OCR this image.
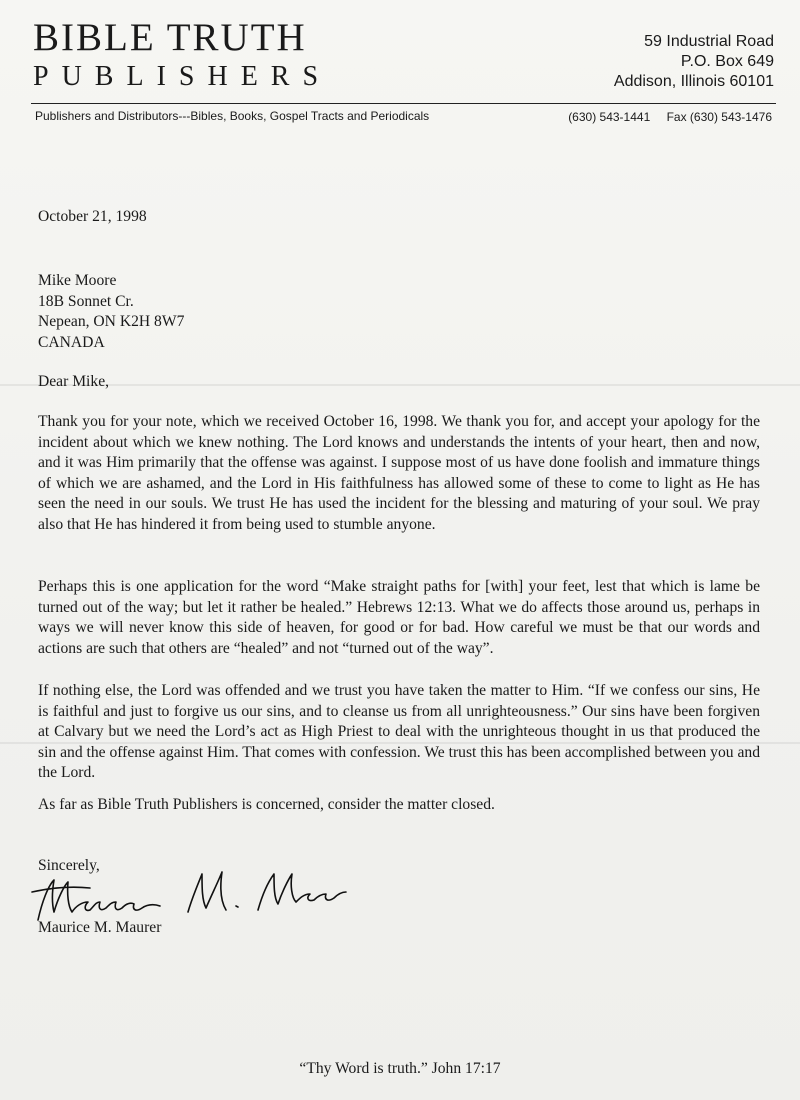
BIBLE TRUTH
PUBLISHERS
59 Industrial Road
P.O. Box 649
Addison, Illinois 60101
Publishers and Distributors---Bibles, Books, Gospel Tracts and Periodicals	(630) 543-1441 Fax (630) 543-1476
October 21, 1998
Mike Moore
18B Sonnet Cr.
Nepean, ON K2H 8W7
CANADA
Dear Mike,
Thank you for your note, which we received October 16, 1998. We thank you for, and accept your apology for the incident about which we knew nothing. The Lord knows and understands the intents of your heart, then and now, and it was Him primarily that the offense was against. I suppose most of us have done foolish and immature things of which we are ashamed, and the Lord in His faithfulness has allowed some of these to come to light as He has seen the need in our souls. We trust He has used the incident for the blessing and maturing of your soul. We pray also that He has hindered it from being used to stumble anyone.
Perhaps this is one application for the word “Make straight paths for [with] your feet, lest that which is lame be turned out of the way; but let it rather be healed.” Hebrews 12:13. What we do affects those around us, perhaps in ways we will never know this side of heaven, for good or for bad. How careful we must be that our words and actions are such that others are “healed” and not “turned out of the way”.
If nothing else, the Lord was offended and we trust you have taken the matter to Him. “If we confess our sins, He is faithful and just to forgive us our sins, and to cleanse us from all unrighteousness.” Our sins have been forgiven at Calvary but we need the Lord’s act as High Priest to deal with the unrighteous thought in us that produced the sin and the offense against Him. That comes with confession. We trust this has been accomplished between you and the Lord.
As far as Bible Truth Publishers is concerned, consider the matter closed.
Sincerely,
Maurice M. Maurer
“Thy Word is truth.” John 17:17
